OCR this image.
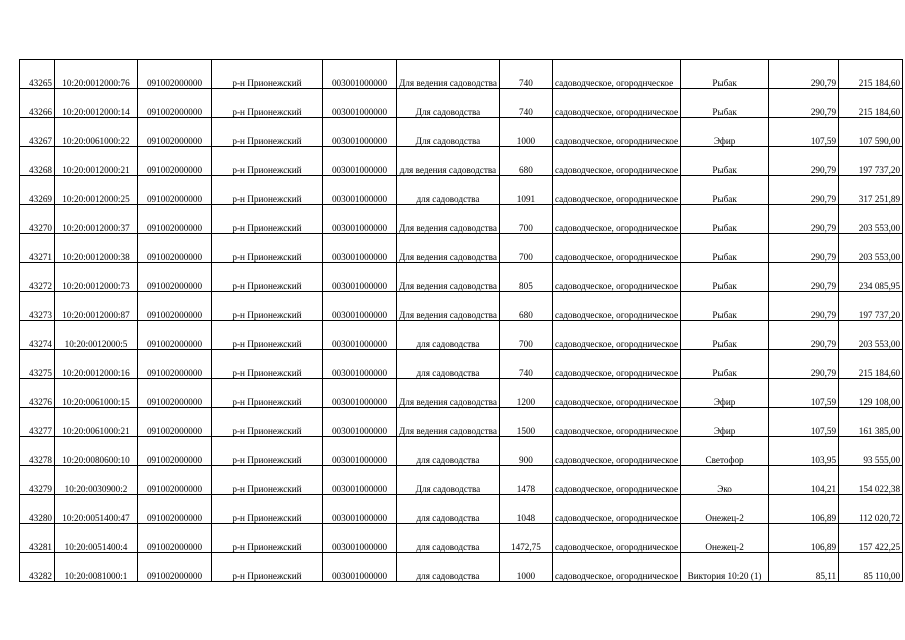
43265	10:20:0012000:76	091002000000	р-н Прионежский	003001000000	Для ведения садоводства	740	садоводческое, огороднческое	Рыбак	290,79	215 184,60
43266	10:20:0012000:14	091002000000	р-н Прионежский	003001000000	Для садоводства	740	садоводческое, огородническое	Рыбак	290,79	215 184,60
43267	10:20:0061000:22	091002000000	р-н Прионежский	003001000000	Для садоводства	1000	садоводческое, огородническое	Эфир	107,59	107 590,00
43268	10:20:0012000:21	091002000000	р-н Прионежский	003001000000	для ведения садоводства	680	садоводческое, огородническое	Рыбак	290,79	197 737,20
43269	10:20:0012000:25	091002000000	р-н Прионежский	003001000000	для садоводства	1091	садоводческое, огородническое	Рыбак	290,79	317 251,89
43270	10:20:0012000:37	091002000000	р-н Прионежский	003001000000	Для ведения садоводства	700	садоводческое, огородническое	Рыбак	290,79	203 553,00
43271	10:20:0012000:38	091002000000	р-н Прионежский	003001000000	Для ведения садоводства	700	садоводческое, огородническое	Рыбак	290,79	203 553,00
43272	10:20:0012000:73	091002000000	р-н Прионежский	003001000000	Для ведения садоводства	805	садоводческое, огородническое	Рыбак	290,79	234 085,95
43273	10:20:0012000:87	091002000000	р-н Прионежский	003001000000	Для ведения садоводства	680	садоводческое, огородническое	Рыбак	290,79	197 737,20
43274	10:20:0012000:5	091002000000	р-н Прионежский	003001000000	для садоводства	700	садоводческое, огородническое	Рыбак	290,79	203 553,00
43275	10:20:0012000:16	091002000000	р-н Прионежский	003001000000	для садоводства	740	садоводческое, огородническое	Рыбак	290,79	215 184,60
43276	10:20:0061000:15	091002000000	р-н Прионежский	003001000000	Для ведения садоводства	1200	садоводческое, огородническое	Эфир	107,59	129 108,00
43277	10:20:0061000:21	091002000000	р-н Прионежский	003001000000	Для ведения садоводства	1500	садоводческое, огородническое	Эфир	107,59	161 385,00
43278	10:20:0080600:10	091002000000	р-н Прионежский	003001000000	для садоводства	900	садоводческое, огородническое	Светофор	103,95	93 555,00
43279	10:20:0030900:2	091002000000	р-н Прионежский	003001000000	Для садоводства	1478	садоводческое, огородническое	Эко	104,21	154 022,38
43280	10:20:0051400:47	091002000000	р-н Прионежский	003001000000	для садоводства	1048	садоводческое, огородническое	Онежец-2	106,89	112 020,72
43281	10:20:0051400:4	091002000000	р-н Прионежский	003001000000	для садоводства	1472,75	садоводческое, огородническое	Онежец-2	106,89	157 422,25
43282	10:20:0081000:1	091002000000	р-н Прионежский	003001000000	для садоводства	1000	садоводческое, огородническое	Виктория 10:20 (1)	85,11	85 110,00
